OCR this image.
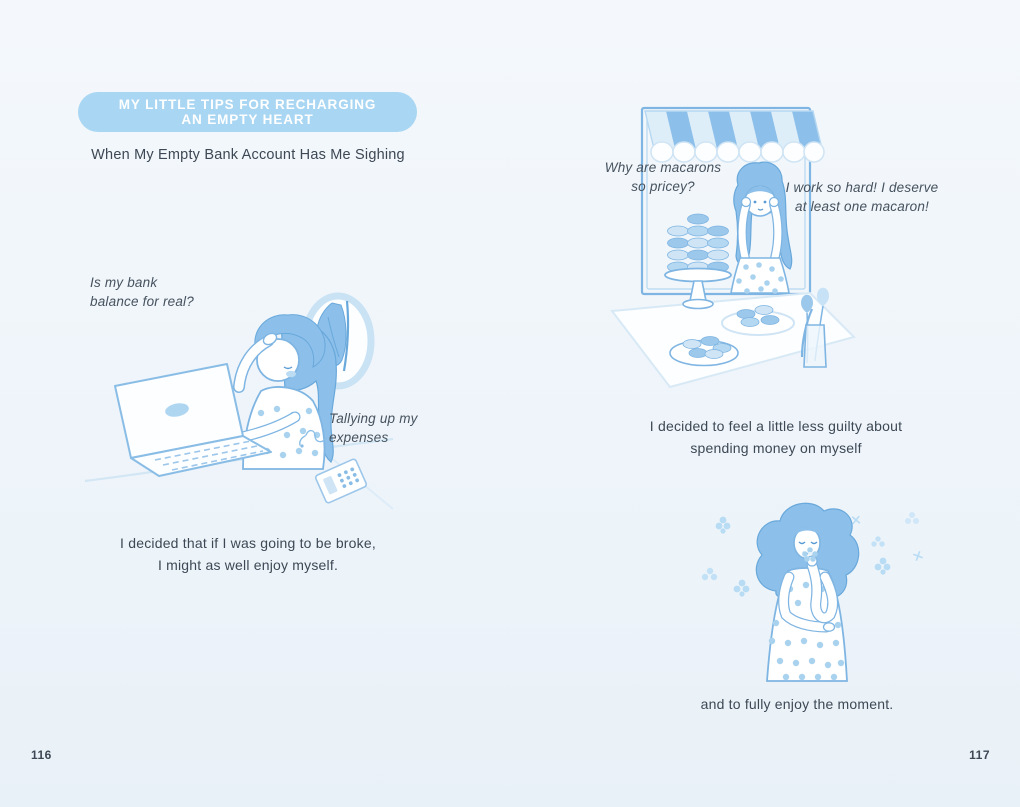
MY LITTLE TIPS FOR RECHARGING
AN EMPTY HEART
When My Empty Bank Account Has Me Sighing
Is my bank
balance for real?
Tallying up my
expenses
I decided that if I was going to be broke,
I might as well enjoy myself.
116
Why are macarons
so pricey?	I work so hard! I deserve
at least one macaron!
I decided to feel a little less guilty about
spending money on myself
and to fully enjoy the moment.
117
